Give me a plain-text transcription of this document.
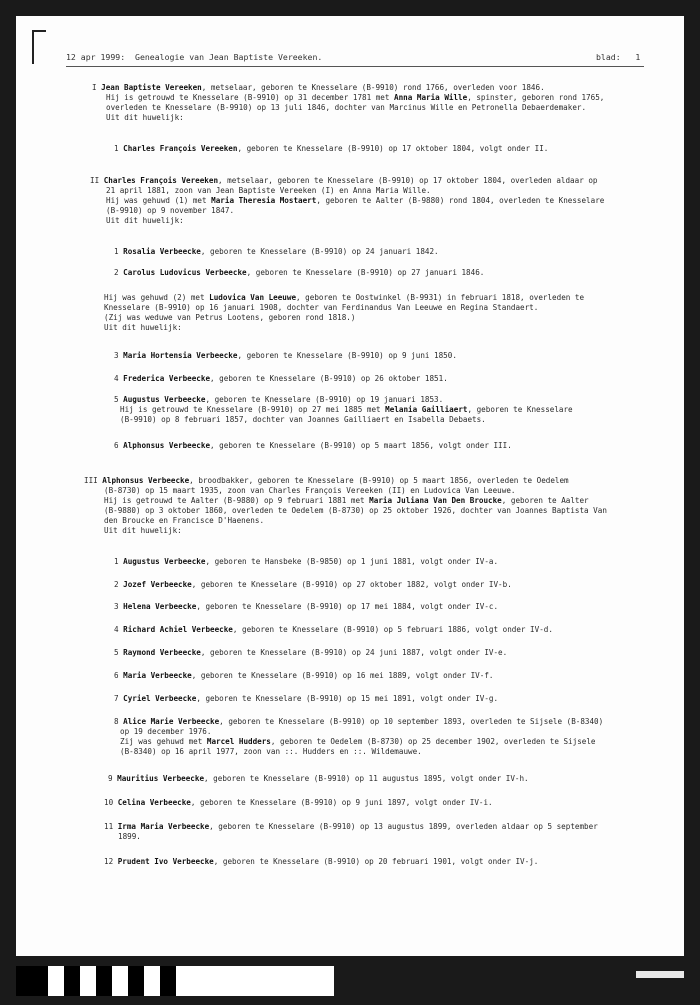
12 apr 1999:  Genealogie van Jean Baptiste Vereeken.	blad:   1
I Jean Baptiste Vereeken, metselaar, geboren te Knesselare (B-9910) rond 1766, overleden voor 1846.
Hij is getrouwd te Knesselare (B-9910) op 31 december 1781 met Anna Maria Wille, spinster, geboren rond 1765,
overleden te Knesselare (B-9910) op 13 juli 1846, dochter van Marcinus Wille en Petronella Debaerdemaker.
Uit dit huwelijk:
1 Charles François Vereeken, geboren te Knesselare (B-9910) op 17 oktober 1804, volgt onder II.
II Charles François Vereeken, metselaar, geboren te Knesselare (B-9910) op 17 oktober 1804, overleden aldaar op
21 april 1881, zoon van Jean Baptiste Vereeken (I) en Anna Maria Wille.
Hij was gehuwd (1) met Maria Theresia Mostaert, geboren te Aalter (B-9880) rond 1804, overleden te Knesselare
(B-9910) op 9 november 1847.
Uit dit huwelijk:
1 Rosalia Verbeecke, geboren te Knesselare (B-9910) op 24 januari 1842.
2 Carolus Ludovicus Verbeecke, geboren te Knesselare (B-9910) op 27 januari 1846.
Hij was gehuwd (2) met Ludovica Van Leeuwe, geboren te Oostwinkel (B-9931) in februari 1818, overleden te
Knesselare (B-9910) op 16 januari 1908, dochter van Ferdinandus Van Leeuwe en Regina Standaert.
(Zij was weduwe van Petrus Lootens, geboren rond 1818.)
Uit dit huwelijk:
3 Maria Hortensia Verbeecke, geboren te Knesselare (B-9910) op 9 juni 1850.
4 Frederica Verbeecke, geboren te Knesselare (B-9910) op 26 oktober 1851.
5 Augustus Verbeecke, geboren te Knesselare (B-9910) op 19 januari 1853.
Hij is getrouwd te Knesselare (B-9910) op 27 mei 1885 met Melania Gailliaert, geboren te Knesselare
(B-9910) op 8 februari 1857, dochter van Joannes Gailliaert en Isabella Debaets.
6 Alphonsus Verbeecke, geboren te Knesselare (B-9910) op 5 maart 1856, volgt onder III.
III Alphonsus Verbeecke, broodbakker, geboren te Knesselare (B-9910) op 5 maart 1856, overleden te Oedelem
(B-8730) op 15 maart 1935, zoon van Charles François Vereeken (II) en Ludovica Van Leeuwe.
Hij is getrouwd te Aalter (B-9880) op 9 februari 1881 met Maria Juliana Van Den Broucke, geboren te Aalter
(B-9880) op 3 oktober 1860, overleden te Oedelem (B-8730) op 25 oktober 1926, dochter van Joannes Baptista Van
den Broucke en Francisce D'Haenens.
Uit dit huwelijk:
1 Augustus Verbeecke, geboren te Hansbeke (B-9850) op 1 juni 1881, volgt onder IV-a.
2 Jozef Verbeecke, geboren te Knesselare (B-9910) op 27 oktober 1882, volgt onder IV-b.
3 Helena Verbeecke, geboren te Knesselare (B-9910) op 17 mei 1884, volgt onder IV-c.
4 Richard Achiel Verbeecke, geboren te Knesselare (B-9910) op 5 februari 1886, volgt onder IV-d.
5 Raymond Verbeecke, geboren te Knesselare (B-9910) op 24 juni 1887, volgt onder IV-e.
6 Maria Verbeecke, geboren te Knesselare (B-9910) op 16 mei 1889, volgt onder IV-f.
7 Cyriel Verbeecke, geboren te Knesselare (B-9910) op 15 mei 1891, volgt onder IV-g.
8 Alice Marie Verbeecke, geboren te Knesselare (B-9910) op 10 september 1893, overleden te Sijsele (B-8340)
op 19 december 1976.
Zij was gehuwd met Marcel Hudders, geboren te Oedelem (B-8730) op 25 december 1902, overleden te Sijsele
(B-8340) op 16 april 1977, zoon van ::. Hudders en ::. Wildemauwe.
9 Mauritius Verbeecke, geboren te Knesselare (B-9910) op 11 augustus 1895, volgt onder IV-h.
10 Celina Verbeecke, geboren te Knesselare (B-9910) op 9 juni 1897, volgt onder IV-i.
11 Irma Maria Verbeecke, geboren te Knesselare (B-9910) op 13 augustus 1899, overleden aldaar op 5 september
1899.
12 Prudent Ivo Verbeecke, geboren te Knesselare (B-9910) op 20 februari 1901, volgt onder IV-j.
